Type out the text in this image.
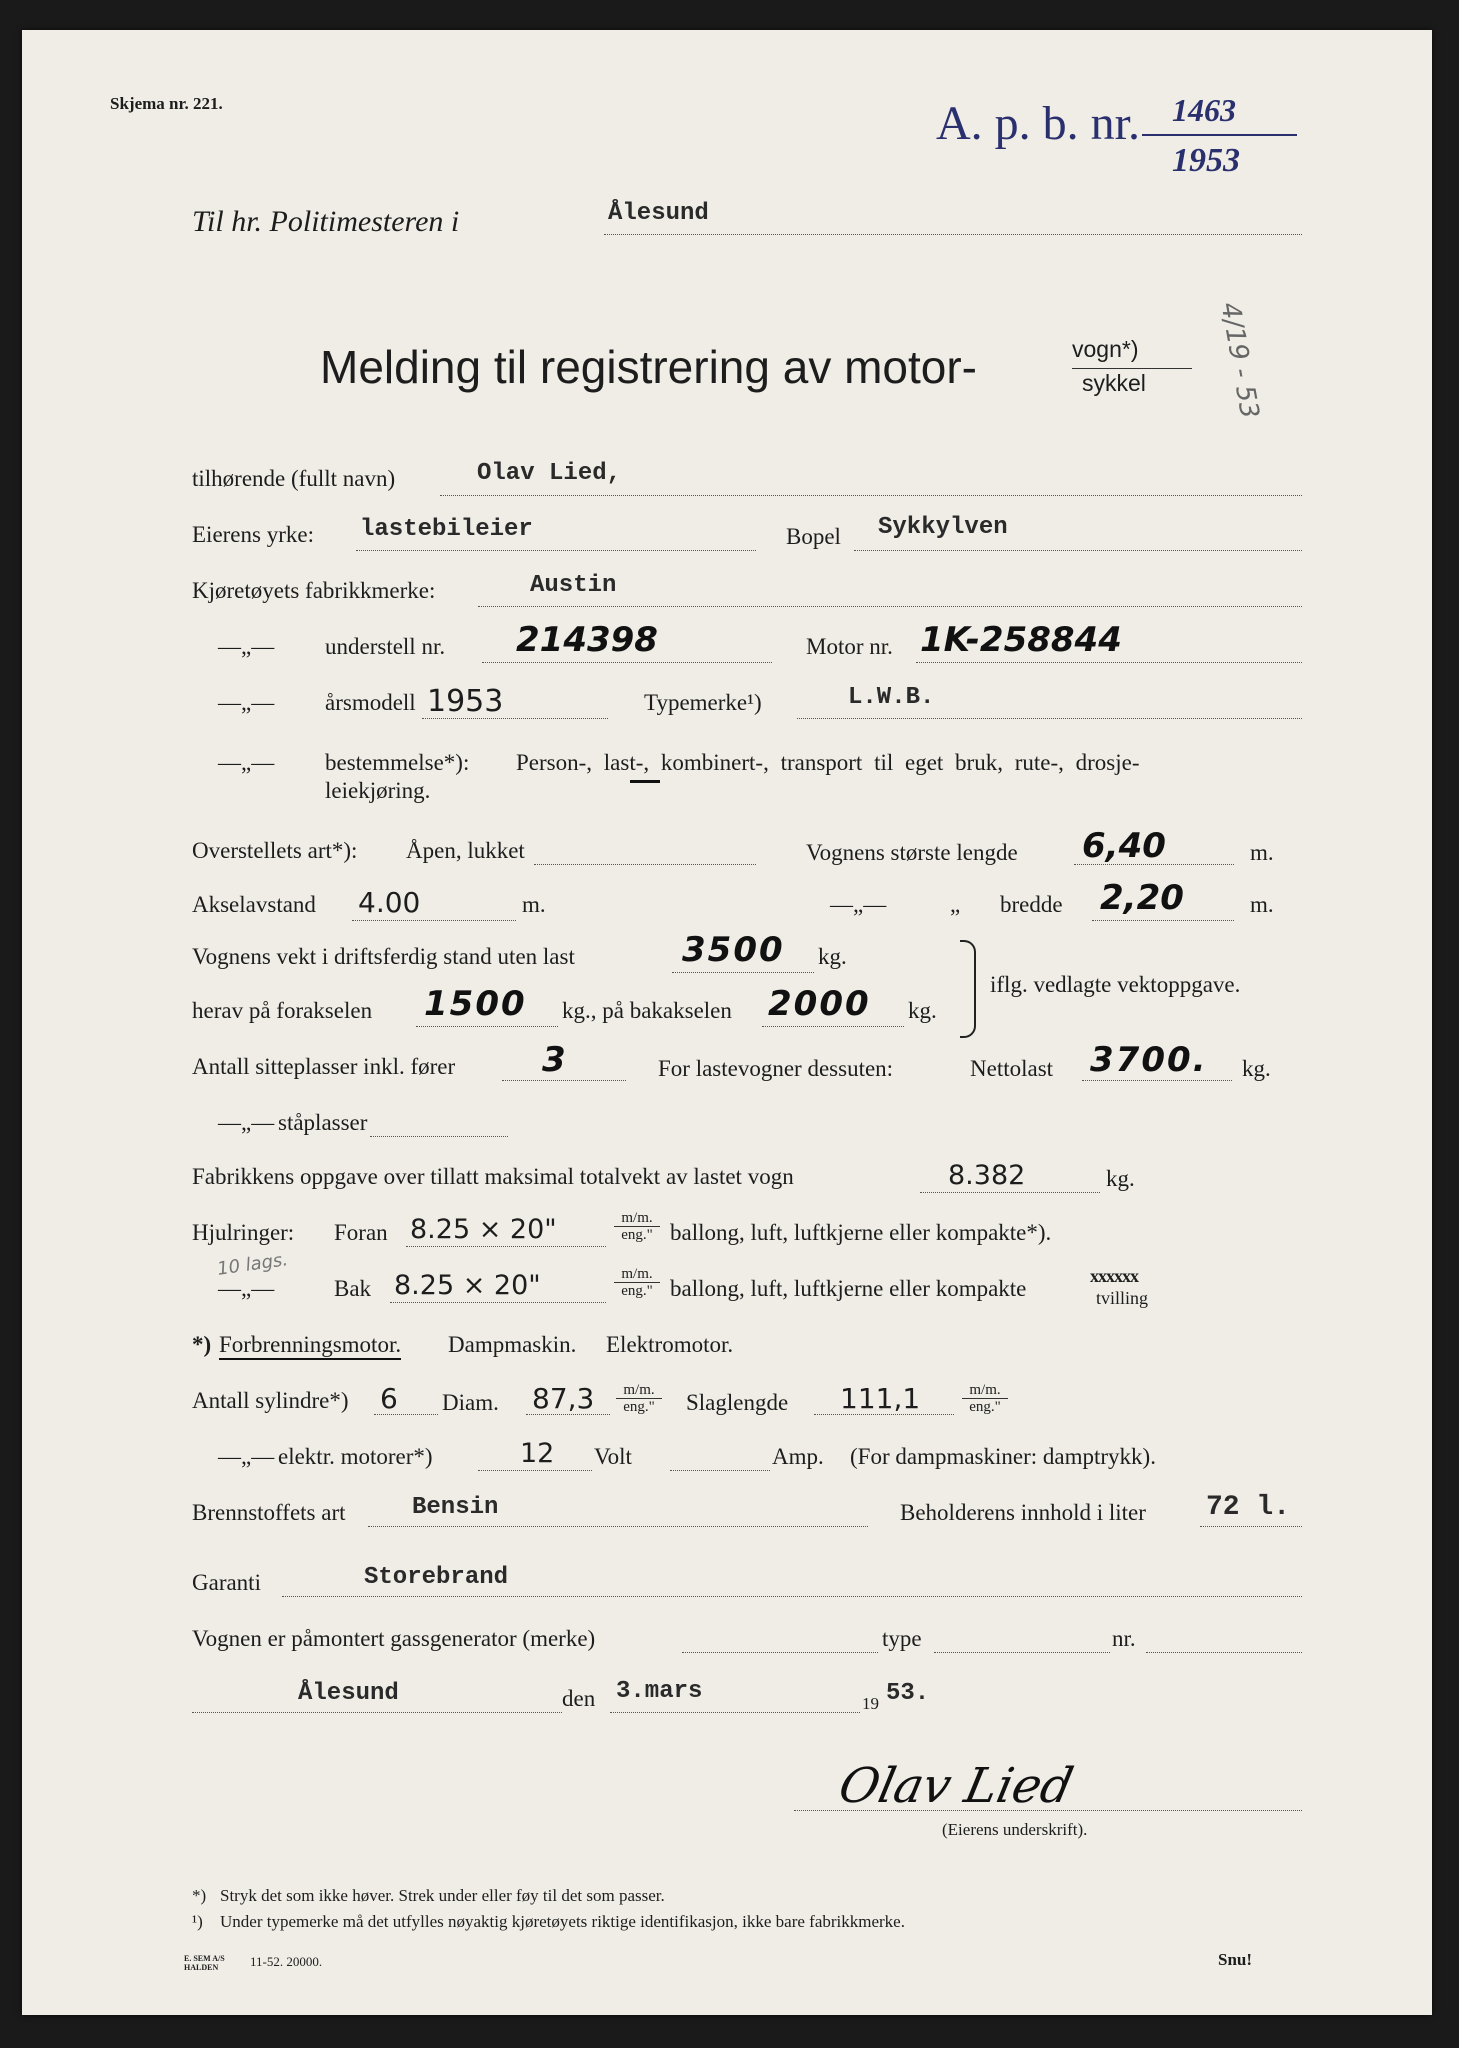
Skjema nr. 221.	A. p. b. nr. 1463
1953
4/19 - 53
Til hr. Politimesteren i	Ålesund
Melding til registrering av motor-	vogn*)
sykkel
tilhørende (fullt navn)	Olav Lied,
Eierens yrke: lastebileier	Bopel Sykkylven
Kjøretøyets fabrikkmerke:	Austin
—„— understell nr. 214398	Motor nr. 1K-258844
—„— årsmodell 1953	Typemerke¹)	L.W.B.
—„— bestemmelse*): Person-, last-, kombinert-, transport til eget bruk, rute-, drosje-
leiekjøring.
Overstellets art*): Åpen, lukket	Vognens største lengde 6,40	m.
Akselavstand 4.00	m.	—„—	„ bredde 2,20	m.
Vognens vekt i driftsferdig stand uten last	3500 kg.
herav på forakselen 1500 kg., på bakakselen 2000 kg.
iflg. vedlagte vektoppgave.
Antall sitteplasser inkl. fører	3	For lastevogner dessuten:	Nettolast 3700. kg.
—„— ståplasser
Fabrikkens oppgave over tillatt maksimal totalvekt av lastet vogn	8.382	kg.
Hjulringer: Foran 8.25 × 20"	m/m.
eng." ballong, luft, luftkjerne eller kompakte*).
10 lags.
—„—	Bak 8.25 × 20"	m/m.
eng." ballong, luft, luftkjerne eller kompakte	xxxxxx
tvilling
*) Forbrenningsmotor. Dampmaskin. Elektromotor.
Antall sylindre*) 6 Diam. 87,3	m/m.
eng."	Slaglengde 111,1	m/m.
eng."
—„— elektr. motorer*)	12 Volt	Amp. (For dampmaskiner: damptrykk).
Brennstoffets art	Bensin	Beholderens innhold i liter 72 l.
Garanti	Storebrand
Vognen er påmontert gassgenerator (merke)	type	nr.
Ålesund	den 3.mars	19 53.
Olav Lied
(Eierens underskrift).
*) Stryk det som ikke høver. Strek under eller føy til det som passer.
¹) Under typemerke må det utfylles nøyaktig kjøretøyets riktige identifikasjon, ikke bare fabrikkmerke.
E. SEM A/S HALDEN	11-52. 20000.	Snu!
